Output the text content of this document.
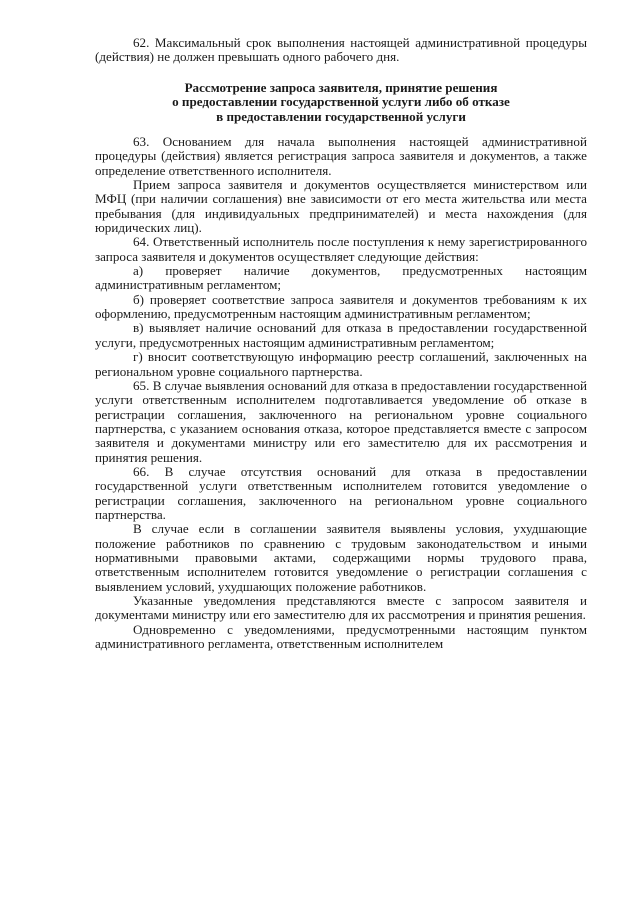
62. Максимальный срок выполнения настоящей административной процедуры (действия) не должен превышать одного рабочего дня.

Рассмотрение запроса заявителя, принятие решения

о предоставлении государственной услуги либо об отказе

в предоставлении государственной услуги

63. Основанием для начала выполнения настоящей административной процедуры (действия) является регистрация запроса заявителя и документов, а также определение ответственного исполнителя.

Прием запроса заявителя и документов осуществляется министерством или МФЦ (при наличии соглашения) вне зависимости от его места жительства или места пребывания (для индивидуальных предпринимателей) и места нахождения (для юридических лиц).

64. Ответственный исполнитель после поступления к нему зарегистрированного запроса заявителя и документов осуществляет следующие действия:

а) проверяет наличие документов, предусмотренных настоящим административным регламентом;

б) проверяет соответствие запроса заявителя и документов требованиям к их оформлению, предусмотренным настоящим административным регламентом;

в) выявляет наличие оснований для отказа в предоставлении государственной услуги, предусмотренных настоящим административным регламентом;

г) вносит соответствующую информацию реестр соглашений, заключенных на региональном уровне социального партнерства.

65. В случае выявления оснований для отказа в предоставлении государственной услуги ответственным исполнителем подготавливается уведомление об отказе в регистрации соглашения, заключенного на региональном уровне социального партнерства, с указанием основания отказа, которое представляется вместе с запросом заявителя и документами министру или его заместителю для их рассмотрения и принятия решения.

66. В случае отсутствия оснований для отказа в предоставлении государственной услуги ответственным исполнителем готовится уведомление о регистрации соглашения, заключенного на региональном уровне социального партнерства.

В случае если в соглашении заявителя выявлены условия, ухудшающие положение работников по сравнению с трудовым законодательством и иными нормативными правовыми актами, содержащими нормы трудового права, ответственным исполнителем готовится уведомление о регистрации соглашения с выявлением условий, ухудшающих положение работников.

Указанные уведомления представляются вместе с запросом заявителя и документами министру или его заместителю для их рассмотрения и принятия решения.

Одновременно с уведомлениями, предусмотренными настоящим пунктом административного регламента, ответственным исполнителем
